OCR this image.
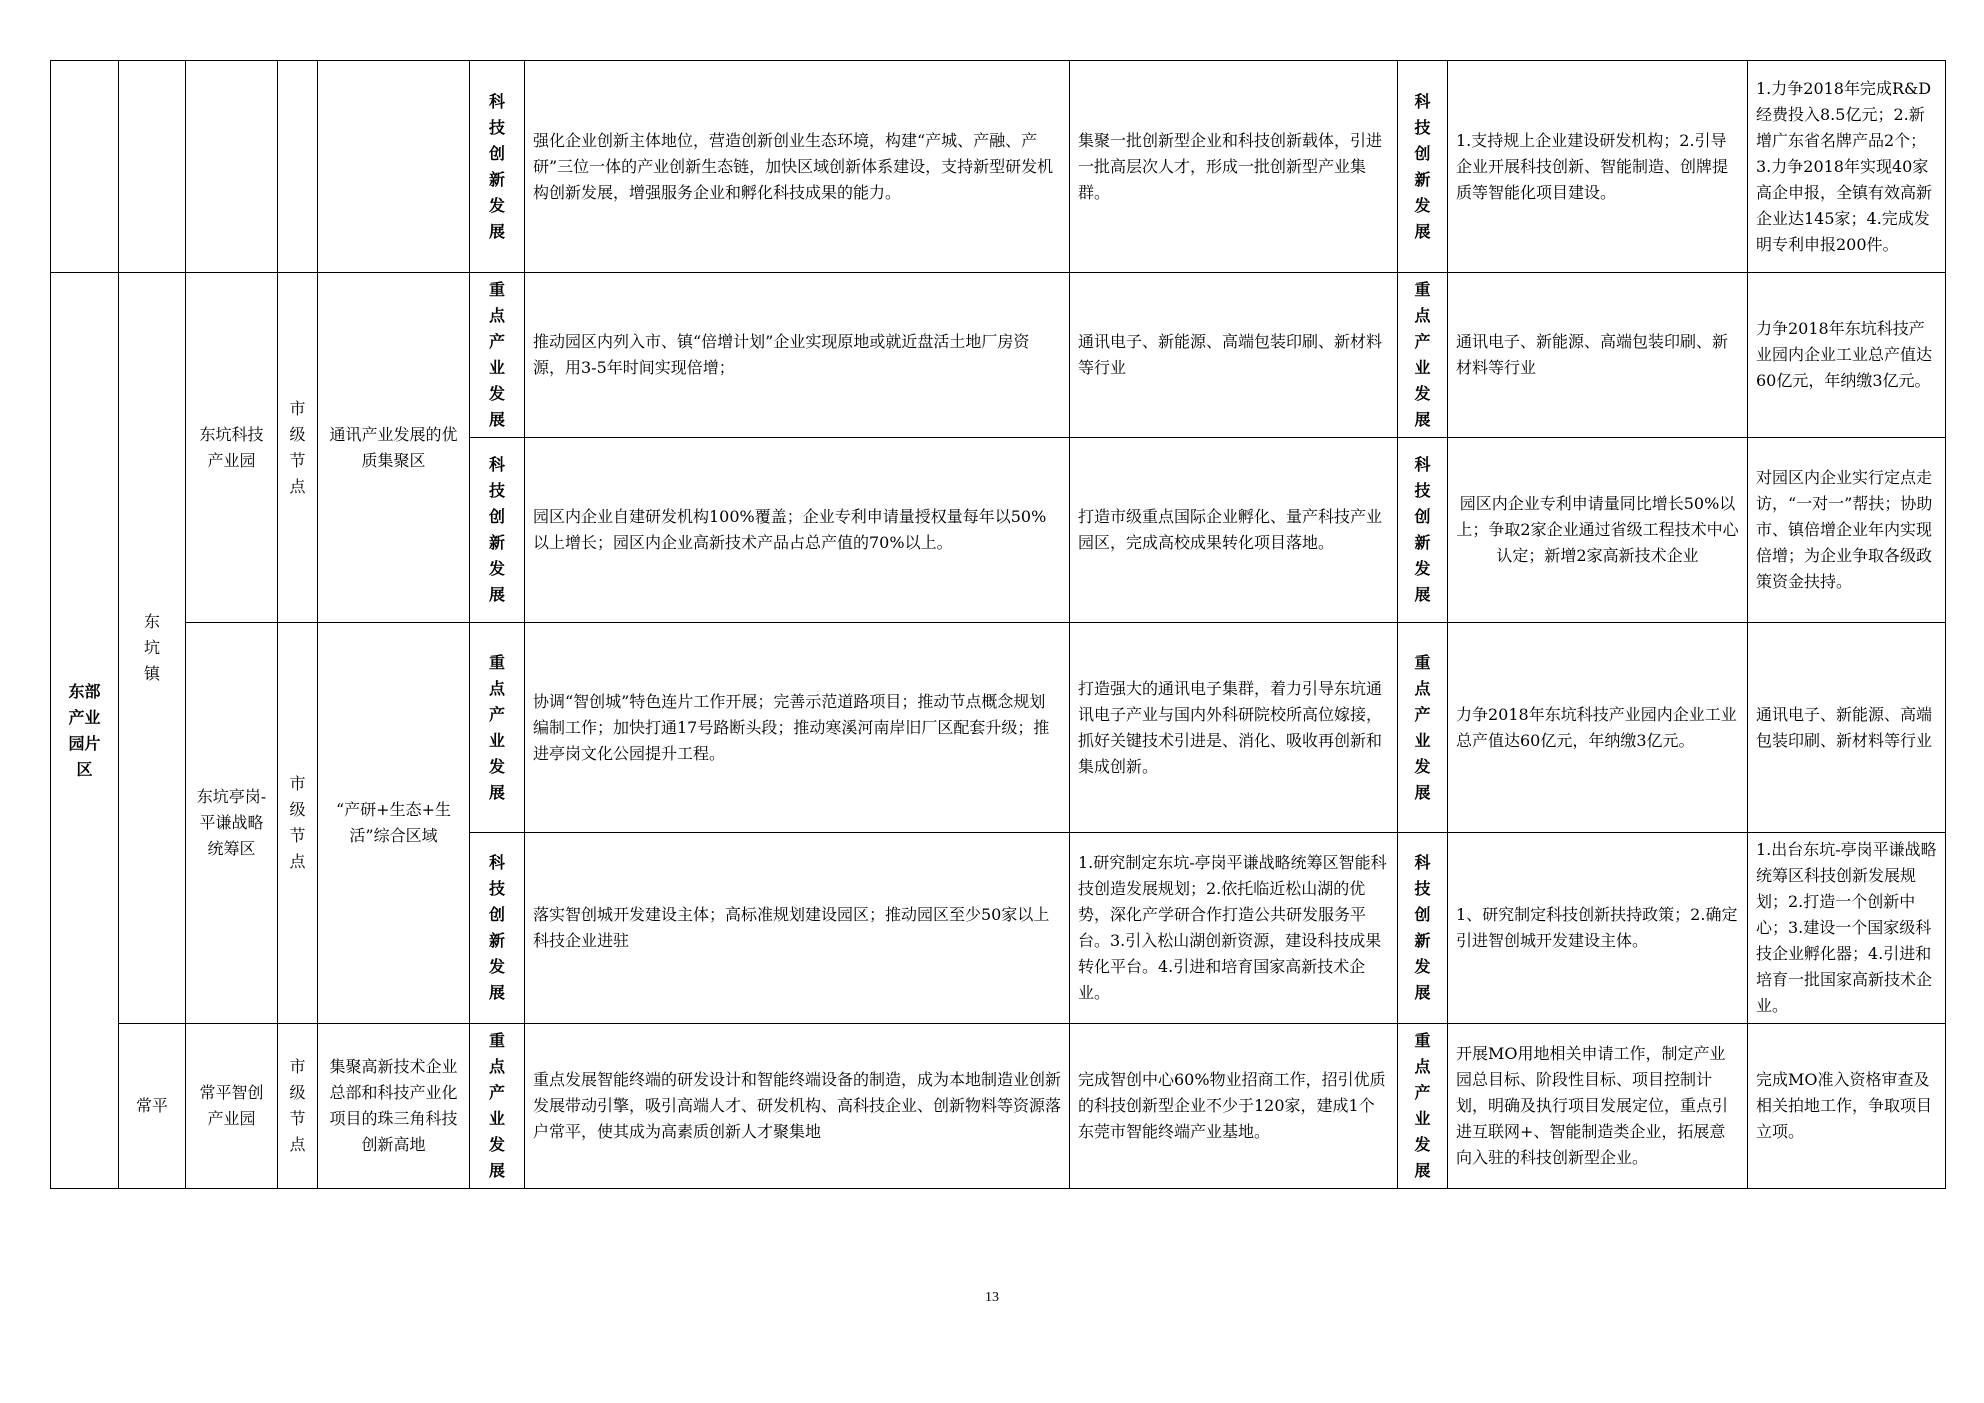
					科技创新发展	强化企业创新主体地位，营造创新创业生态环境，构建“产城、产融、产研”三位一体的产业创新生态链，加快区域创新体系建设，支持新型研发机构创新发展，增强服务企业和孵化科技成果的能力。	集聚一批创新型企业和科技创新载体，引进一批高层次人才，形成一批创新型产业集群。	科技创新发展	1.支持规上企业建设研发机构；2.引导企业开展科技创新、智能制造、创牌提质等智能化项目建设。	1.力争2018年完成R&D经费投入8.5亿元；2.新增广东省名牌产品2个；3.力争2018年实现40家高企申报，全镇有效高新企业达145家；4.完成发明专利申报200件。
东部产业园片区	东坑镇	东坑科技产业园	市级节点	通讯产业发展的优质集聚区	重点产业发展	推动园区内列入市、镇“倍增计划”企业实现原地或就近盘活土地厂房资源，用3-5年时间实现倍增；	通讯电子、新能源、高端包装印刷、新材料等行业	重点产业发展	通讯电子、新能源、高端包装印刷、新材料等行业	力争2018年东坑科技产业园内企业工业总产值达60亿元，年纳缴3亿元。
					科技创新发展	园区内企业自建研发机构100%覆盖；企业专利申请量授权量每年以50%以上增长；园区内企业高新技术产品占总产值的70%以上。	打造市级重点国际企业孵化、量产科技产业园区，完成高校成果转化项目落地。	科技创新发展	园区内企业专利申请量同比增长50%以上；争取2家企业通过省级工程技术中心认定；新增2家高新技术企业	对园区内企业实行定点走访，“一对一”帮扶；协助市、镇倍增企业年内实现倍增；为企业争取各级政策资金扶持。
		东坑亭岗-平谦战略统筹区	市级节点	“产研+生态+生活”综合区域	重点产业发展	协调“智创城”特色连片工作开展；完善示范道路项目；推动节点概念规划编制工作；加快打通17号路断头段；推动寒溪河南岸旧厂区配套升级；推进亭岗文化公园提升工程。	打造强大的通讯电子集群，着力引导东坑通讯电子产业与国内外科研院校所高位嫁接，抓好关键技术引进是、消化、吸收再创新和集成创新。	重点产业发展	力争2018年东坑科技产业园内企业工业总产值达60亿元，年纳缴3亿元。	通讯电子、新能源、高端包装印刷、新材料等行业
					科技创新发展	落实智创城开发建设主体；高标准规划建设园区；推动园区至少50家以上科技企业进驻	1.研究制定东坑-亭岗平谦战略统筹区智能科技创造发展规划；2.依托临近松山湖的优势，深化产学研合作打造公共研发服务平台。3.引入松山湖创新资源，建设科技成果转化平台。4.引进和培育国家高新技术企业。	科技创新发展	1、研究制定科技创新扶持政策；2.确定引进智创城开发建设主体。	1.出台东坑-亭岗平谦战略统筹区科技创新发展规划；2.打造一个创新中心；3.建设一个国家级科技企业孵化器；4.引进和培育一批国家高新技术企业。
	常平	常平智创产业园	市级节点	集聚高新技术企业总部和科技产业化项目的珠三角科技创新高地	重点产业发展	重点发展智能终端的研发设计和智能终端设备的制造，成为本地制造业创新发展带动引擎，吸引高端人才、研发机构、高科技企业、创新物料等资源落户常平，使其成为高素质创新人才聚集地	完成智创中心60%物业招商工作，招引优质的科技创新型企业不少于120家，建成1个东莞市智能终端产业基地。	重点产业发展	开展MO用地相关申请工作，制定产业园总目标、阶段性目标、项目控制计划，明确及执行项目发展定位，重点引进互联网+、智能制造类企业，拓展意向入驻的科技创新型企业。	完成MO准入资格审查及相关拍地工作，争取项目立项。
13
